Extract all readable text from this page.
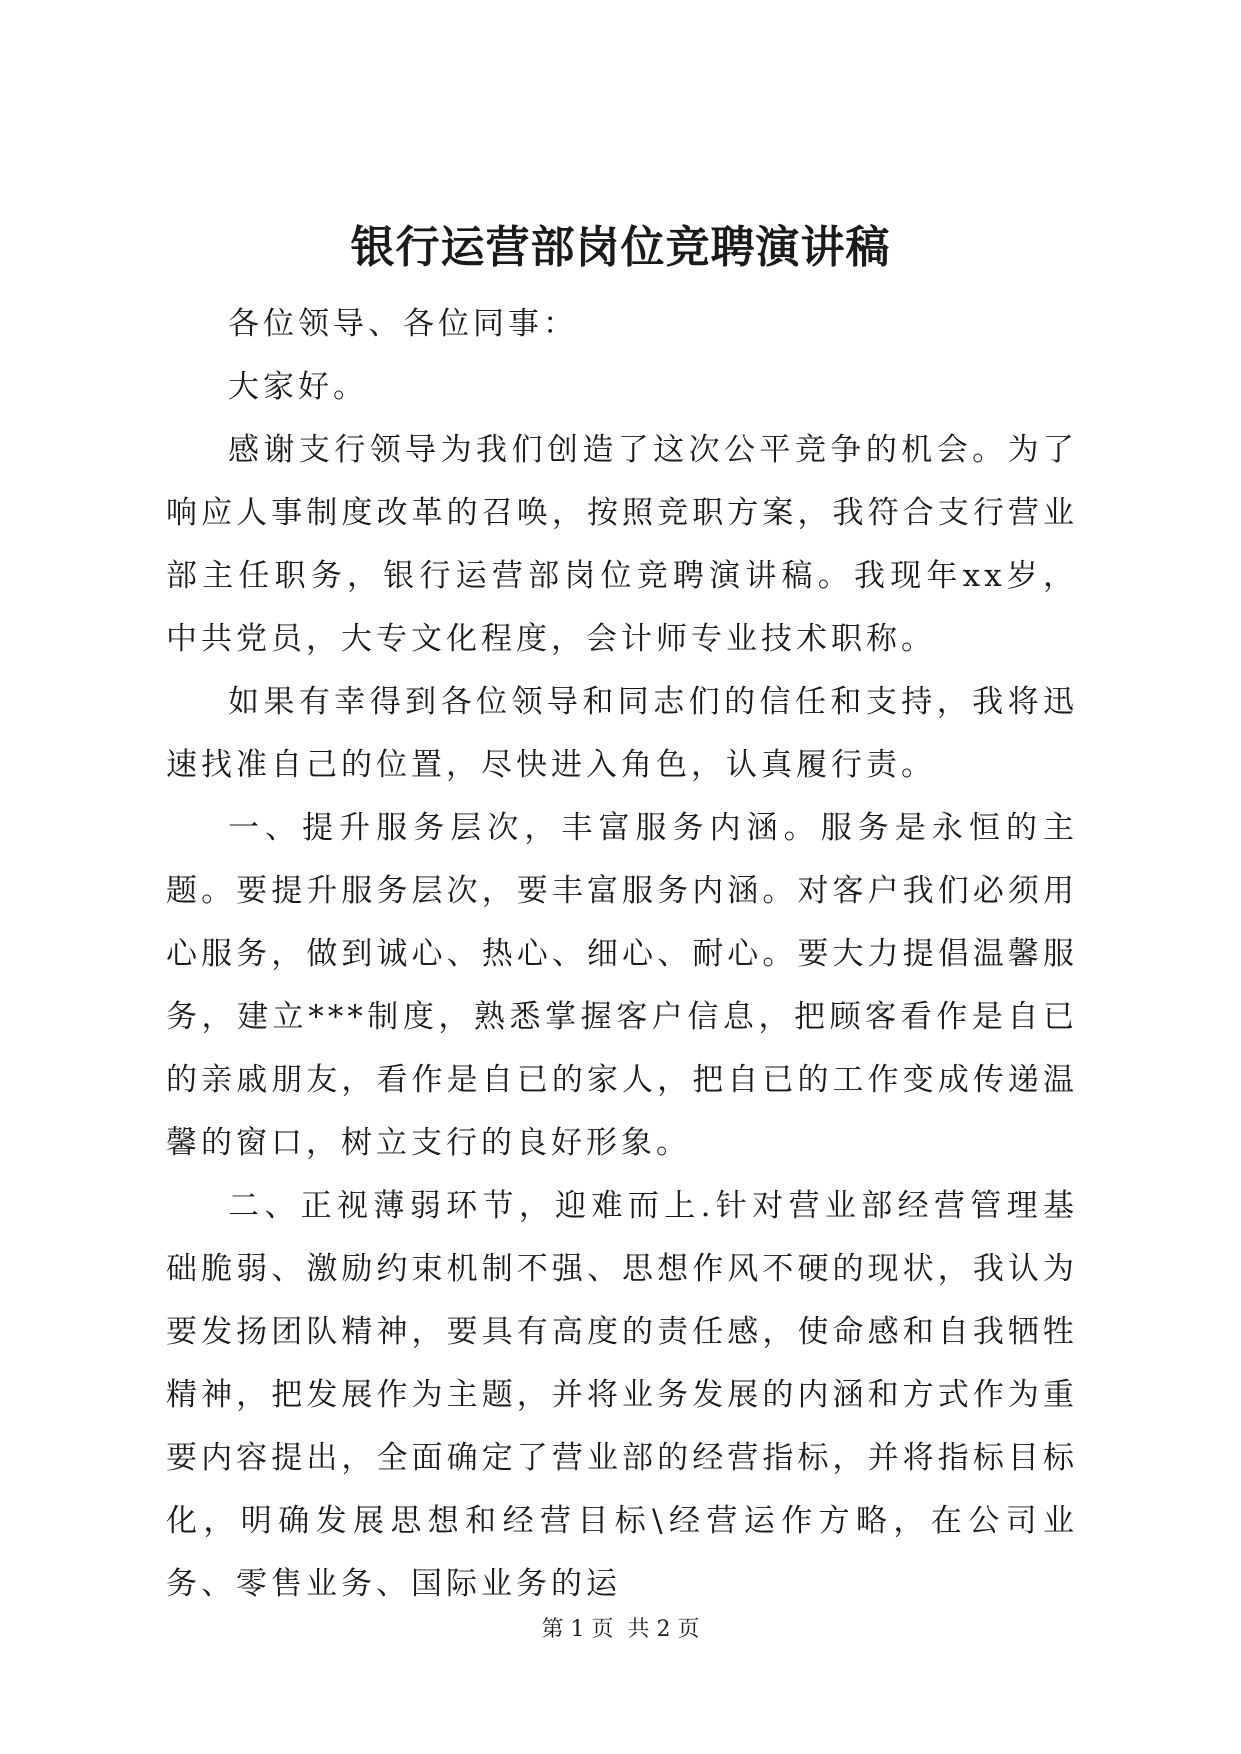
银行运营部岗位竞聘演讲稿

各位领导、各位同事：

大家好。

感谢支行领导为我们创造了这次公平竞争的机会。为了响应人事制度改革的召唤，按照竞职方案，我符合支行营业部主任职务，银行运营部岗位竞聘演讲稿。我现年xx岁，中共党员，大专文化程度，会计师专业技术职称。

如果有幸得到各位领导和同志们的信任和支持，我将迅速找准自己的位置，尽快进入角色，认真履行责。

一、提升服务层次，丰富服务内涵。服务是永恒的主题。要提升服务层次，要丰富服务内涵。对客户我们必须用心服务，做到诚心、热心、细心、耐心。要大力提倡温馨服务，建立***制度，熟悉掌握客户信息，把顾客看作是自已的亲戚朋友，看作是自已的家人，把自已的工作变成传递温馨的窗口，树立支行的良好形象。

二、正视薄弱环节，迎难而上.针对营业部经营管理基础脆弱、激励约束机制不强、思想作风不硬的现状，我认为要发扬团队精神，要具有高度的责任感，使命感和自我牺牲精神，把发展作为主题，并将业务发展的内涵和方式作为重要内容提出，全面确定了营业部的经营指标，并将指标目标化，明确发展思想和经营目标\经营运作方略，在公司业务、零售业务、国际业务的运

第 1 页  共 2 页
